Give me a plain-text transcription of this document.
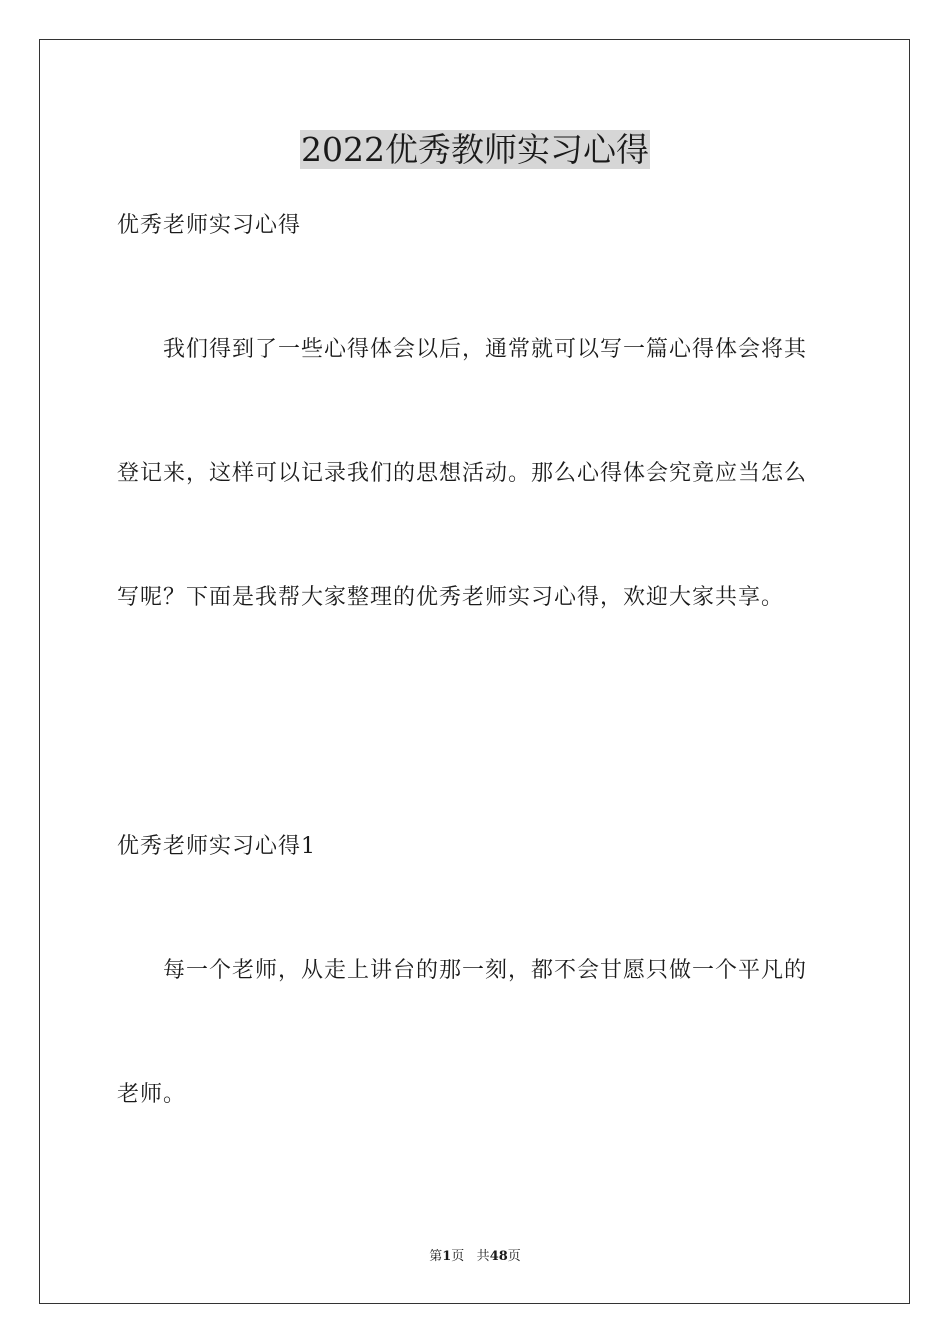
2022优秀教师实习心得

优秀老师实习心得

我们得到了一些心得体会以后，通常就可以写一篇心得体会将其

登记来，这样可以记录我们的思想活动。那么心得体会究竟应当怎么

写呢？下面是我帮大家整理的优秀老师实习心得，欢迎大家共享。

优秀老师实习心得1

每一个老师，从走上讲台的那一刻，都不会甘愿只做一个平凡的

老师。

第1页 共48页
